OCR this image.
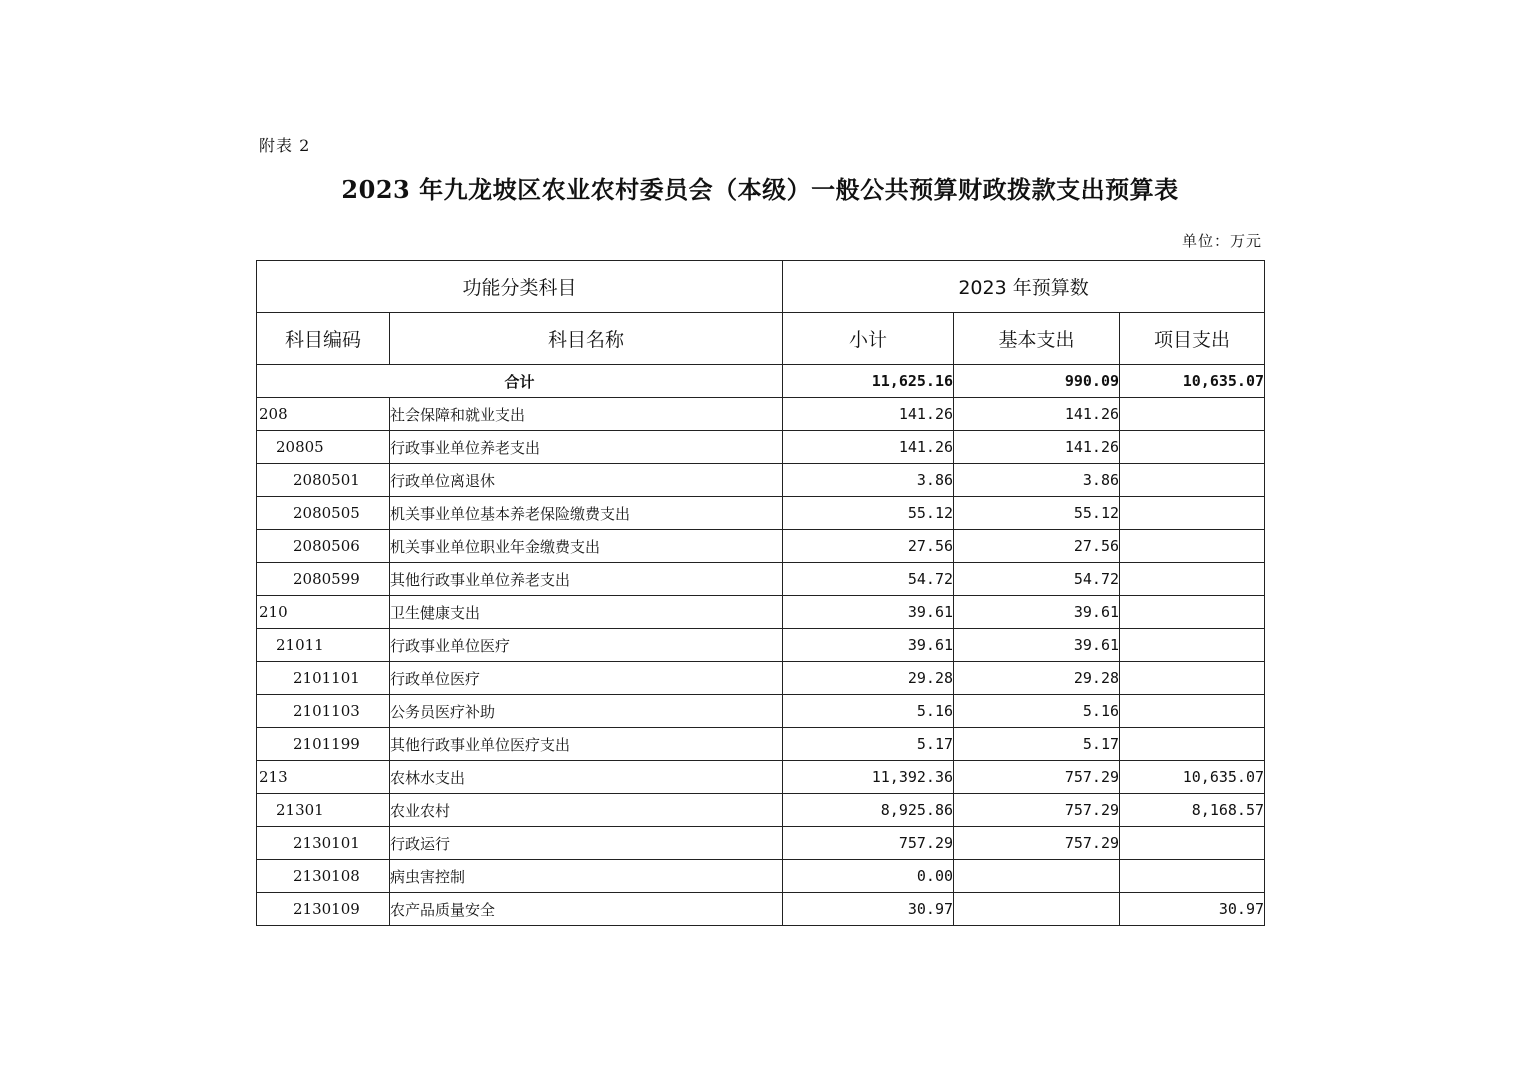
附表 2
2023 年九龙坡区农业农村委员会（本级）一般公共预算财政拨款支出预算表
单位：万元
功能分类科目		2023 年预算数		
科目编码	科目名称	小计	基本支出	项目支出
合计		11,625.16	990.09	10,635.07
208	社会保障和就业支出	141.26	141.26	
20805	行政事业单位养老支出	141.26	141.26	
2080501	行政单位离退休	3.86	3.86	
2080505	机关事业单位基本养老保险缴费支出	55.12	55.12	
2080506	机关事业单位职业年金缴费支出	27.56	27.56	
2080599	其他行政事业单位养老支出	54.72	54.72	
210	卫生健康支出	39.61	39.61	
21011	行政事业单位医疗	39.61	39.61	
2101101	行政单位医疗	29.28	29.28	
2101103	公务员医疗补助	5.16	5.16	
2101199	其他行政事业单位医疗支出	5.17	5.17	
213	农林水支出	11,392.36	757.29	10,635.07
21301	农业农村	8,925.86	757.29	8,168.57
2130101	行政运行	757.29	757.29	
2130108	病虫害控制	0.00		
2130109	农产品质量安全	30.97		30.97
